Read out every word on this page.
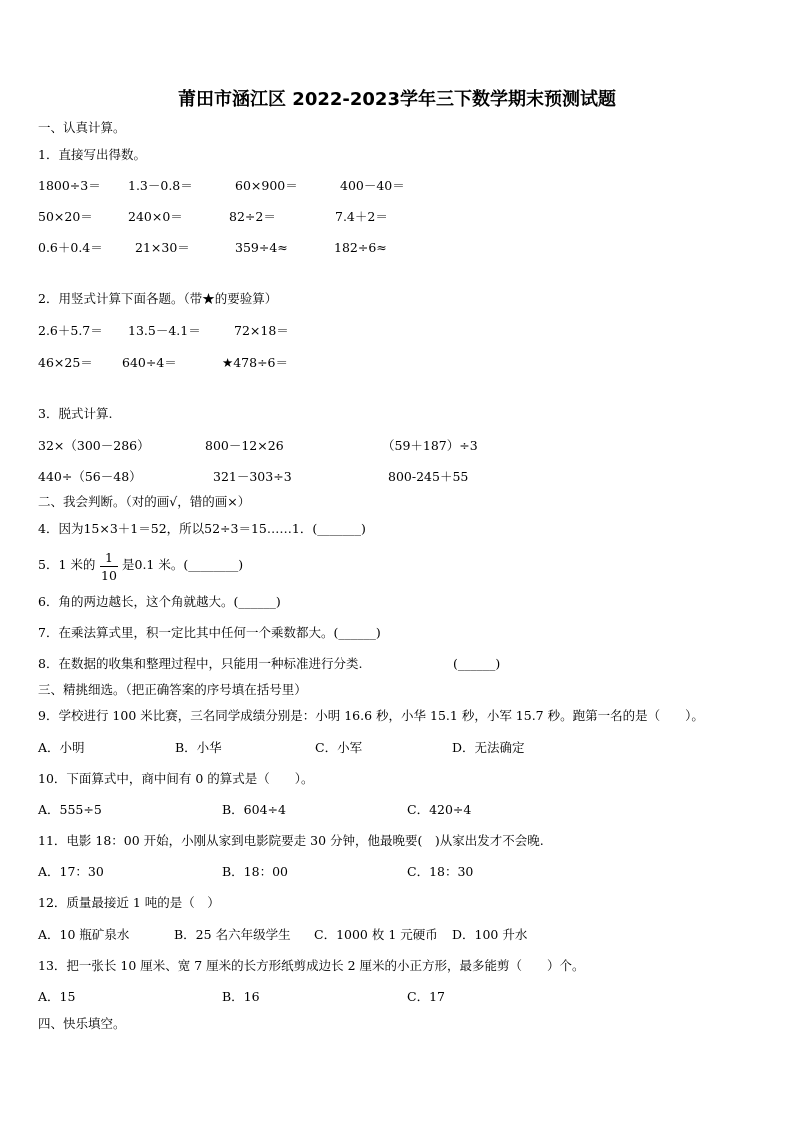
莆田市涵江区 2022-2023学年三下数学期末预测试题
一、认真计算。
1．直接写出得数。
1800÷3＝ 1.3－0.8＝	60×900＝	400－40＝
50×20＝	240×0＝	82÷2＝	7.4＋2＝
0.6＋0.4＝	21×30＝	359÷4≈	182÷6≈
2．用竖式计算下面各题。（带★的要验算）
2.6＋5.7＝ 13.5－4.1＝	72×18＝
46×25＝ 640÷4＝	★478÷6＝
3．脱式计算.
32×（300－286）	800－12×26	（59＋187）÷3
440÷（56－48）	321－303÷3	800-245＋55
二、我会判断。（对的画√，错的画×）
4．因为15×3＋1＝52，所以52÷3＝15……1．(_______)
5．1 米的 1
10
是0.1 米。(________)
6．角的两边越长，这个角就越大。(______)
7．在乘法算式里，积一定比其中任何一个乘数都大。(______)
8．在数据的收集和整理过程中，只能用一种标准进行分类.	(______)
三、精挑细选。（把正确答案的序号填在括号里）
9．学校进行 100 米比赛，三名同学成绩分别是：小明 16.6 秒，小华 15.1 秒，小军 15.7 秒。跑第一名的是（　　）。
A．小明	B．小华	C．小军	D．无法确定
10．下面算式中，商中间有 0 的算式是（　　）。
A．555÷5	B．604÷4	C．420÷4
11．电影 18：00 开始，小刚从家到电影院要走 30 分钟，他最晚要(　)从家出发才不会晚.
A．17：30	B．18：00	C．18：30
12．质量最接近 1 吨的是（　）
A．10 瓶矿泉水	B．25 名六年级学生 C．1000 枚 1 元硬币 D．100 升水
13．把一张长 10 厘米、宽 7 厘米的长方形纸剪成边长 2 厘米的小正方形，最多能剪（　　）个。
A．15	B．16	C．17
四、快乐填空。
